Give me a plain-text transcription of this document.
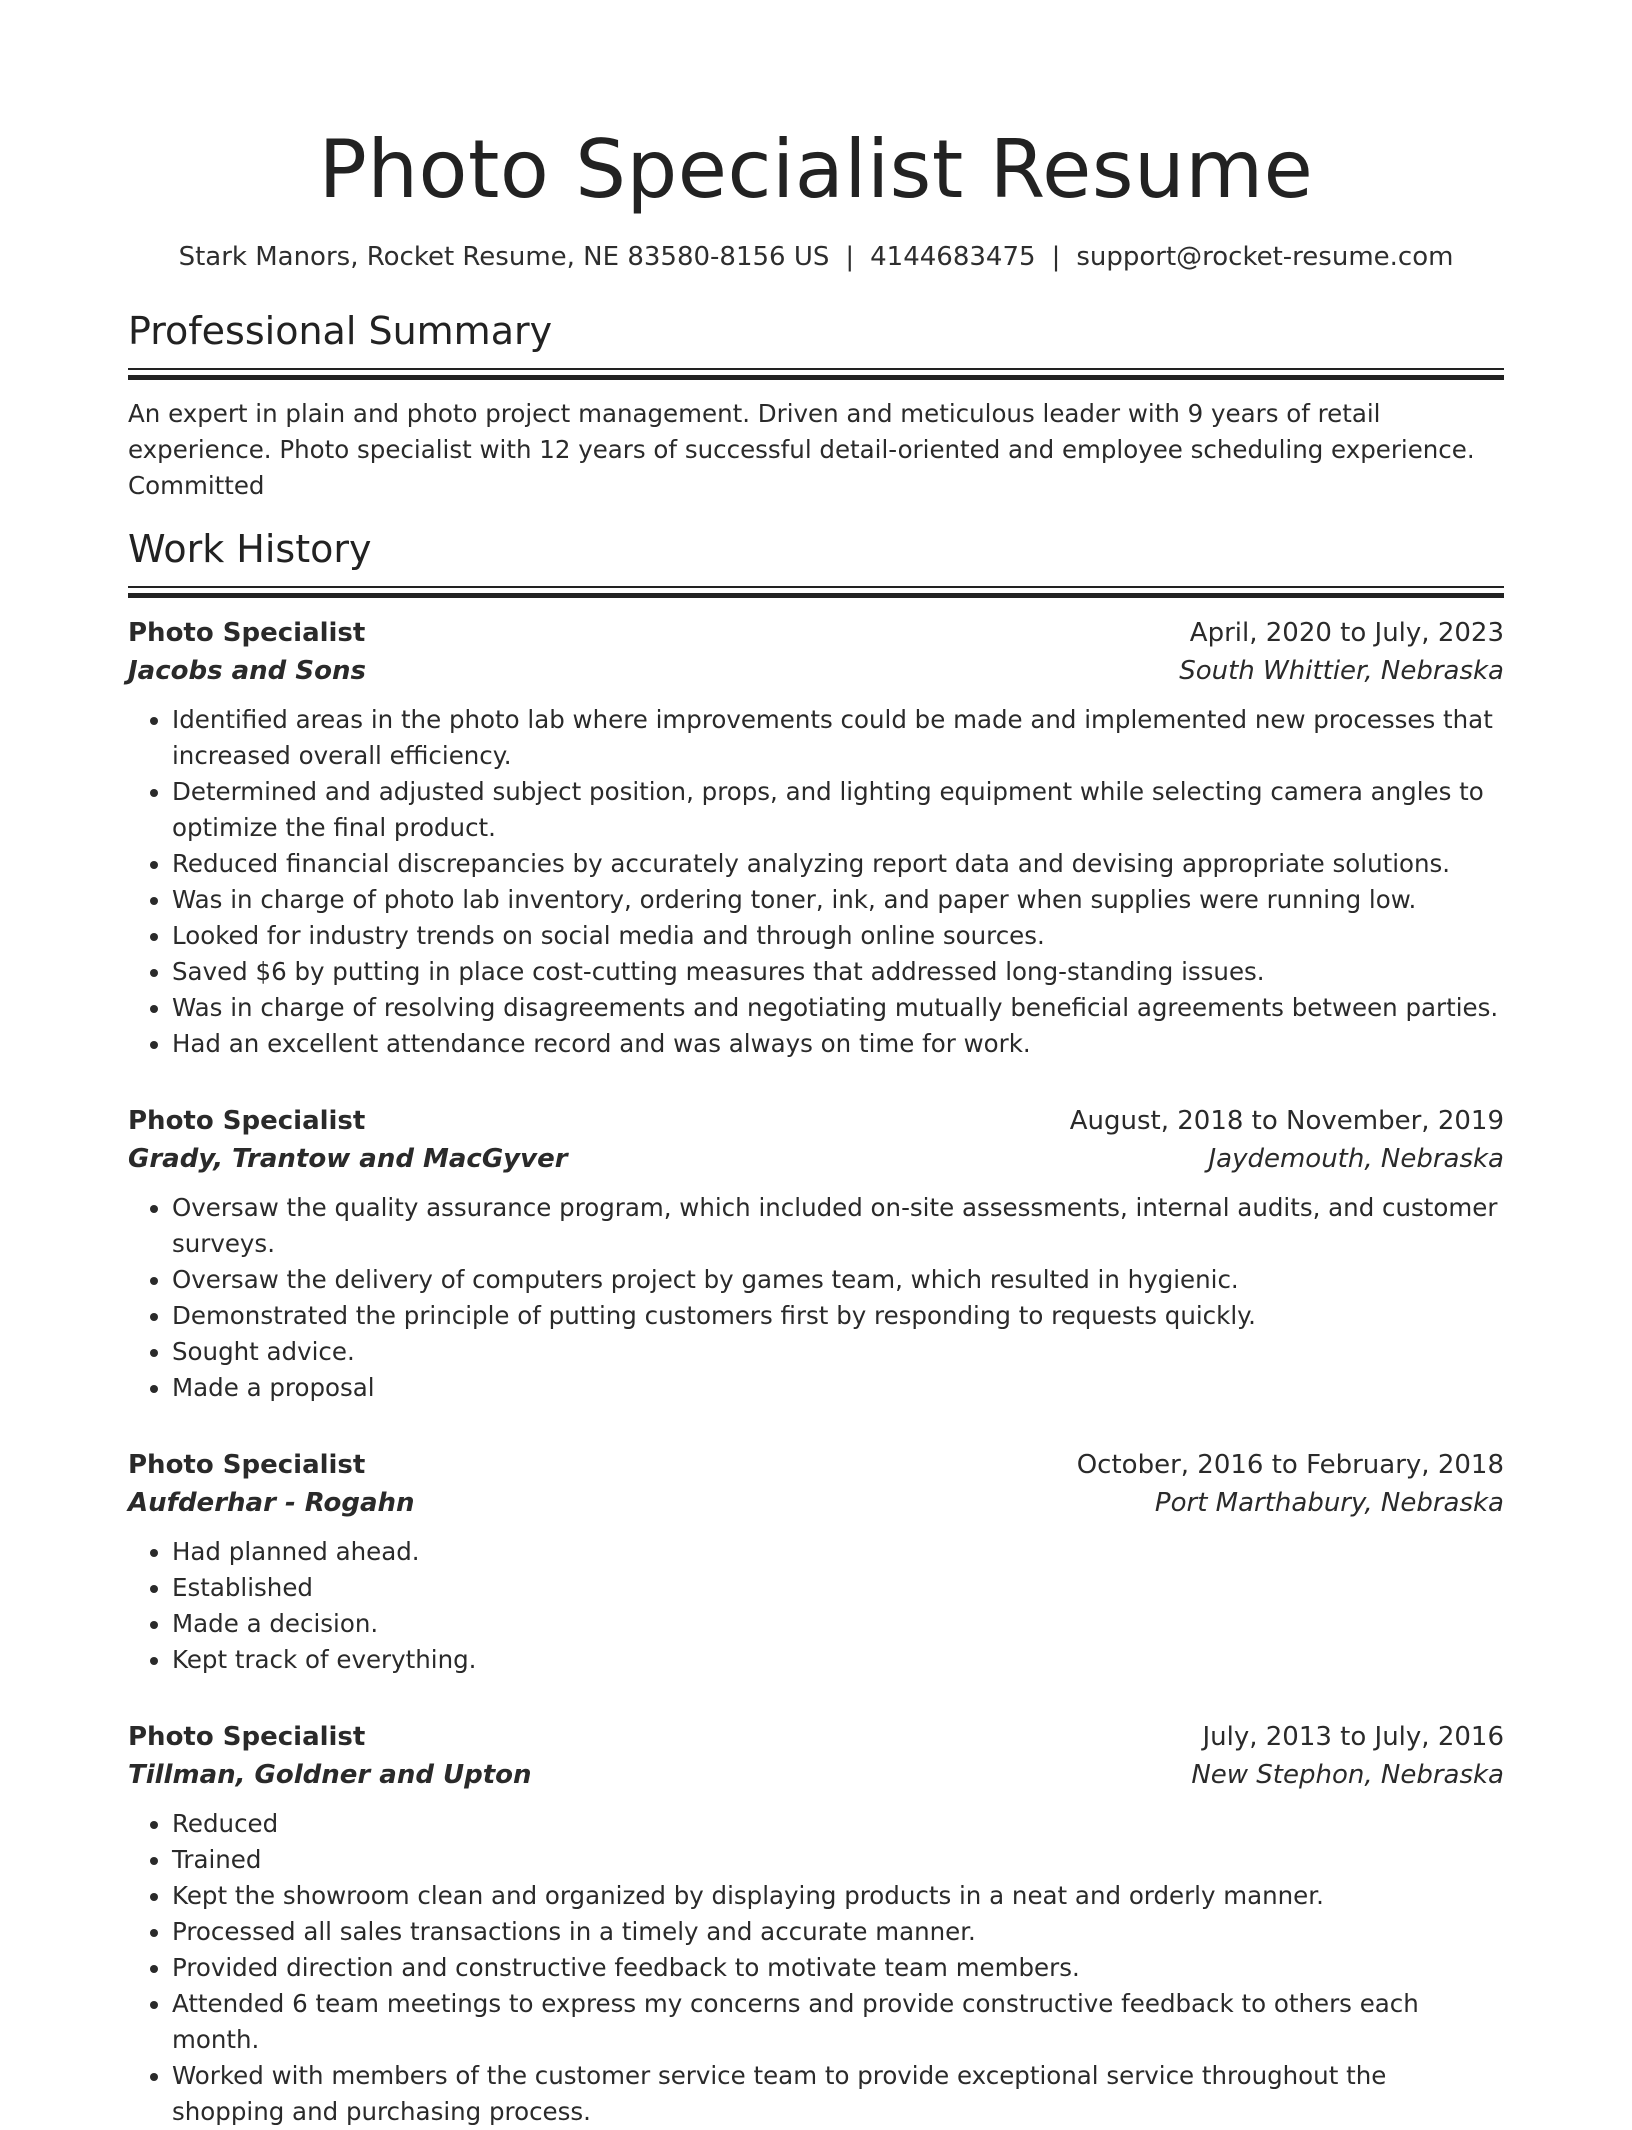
Photo Specialist Resume
Stark Manors, Rocket Resume, NE 83580-8156 US | 4144683475 | support@rocket-resume.com
Professional Summary
An expert in plain and photo project management. Driven and meticulous leader with 9 years of retail experience. Photo specialist with 12 years of successful detail-oriented and employee scheduling experience. Committed
Work History
Photo Specialist	April, 2020 to July, 2023
Jacobs and Sons	South Whittier, Nebraska
• Identified areas in the photo lab where improvements could be made and implemented new processes that increased overall efficiency.
• Determined and adjusted subject position, props, and lighting equipment while selecting camera angles to optimize the final product.
• Reduced financial discrepancies by accurately analyzing report data and devising appropriate solutions.
• Was in charge of photo lab inventory, ordering toner, ink, and paper when supplies were running low.
• Looked for industry trends on social media and through online sources.
• Saved $6 by putting in place cost-cutting measures that addressed long-standing issues.
• Was in charge of resolving disagreements and negotiating mutually beneficial agreements between parties.
• Had an excellent attendance record and was always on time for work.
Photo Specialist	August, 2018 to November, 2019
Grady, Trantow and MacGyver	Jaydemouth, Nebraska
• Oversaw the quality assurance program, which included on-site assessments, internal audits, and customer surveys.
• Oversaw the delivery of computers project by games team, which resulted in hygienic.
• Demonstrated the principle of putting customers first by responding to requests quickly.
• Sought advice.
• Made a proposal
Photo Specialist	October, 2016 to February, 2018
Aufderhar - Rogahn	Port Marthabury, Nebraska
• Had planned ahead.
• Established
• Made a decision.
• Kept track of everything.
Photo Specialist	July, 2013 to July, 2016
Tillman, Goldner and Upton	New Stephon, Nebraska
• Reduced
• Trained
• Kept the showroom clean and organized by displaying products in a neat and orderly manner.
• Processed all sales transactions in a timely and accurate manner.
• Provided direction and constructive feedback to motivate team members.
• Attended 6 team meetings to express my concerns and provide constructive feedback to others each month.
• Worked with members of the customer service team to provide exceptional service throughout the shopping and purchasing process.
